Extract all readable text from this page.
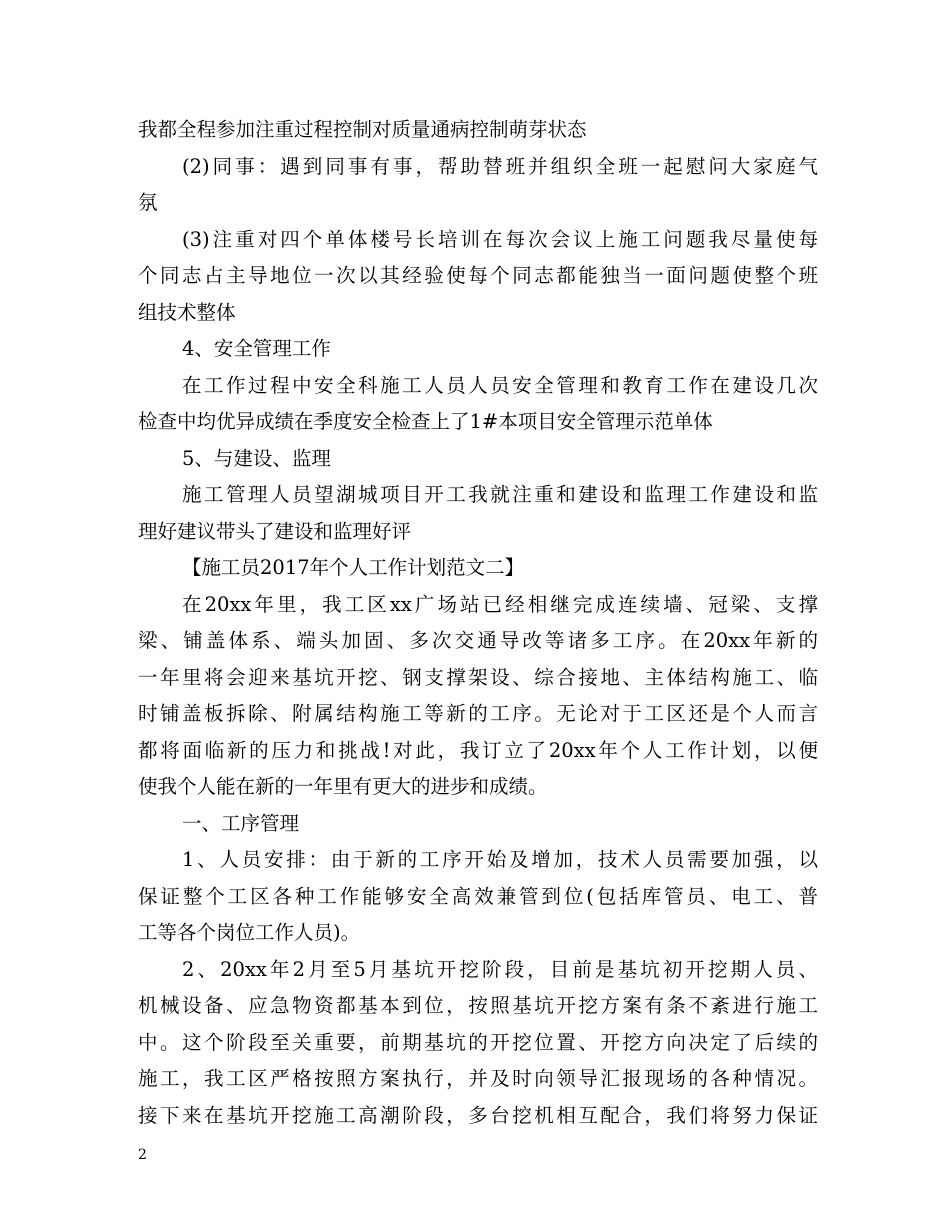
我都全程参加注重过程控制对质量通病控制萌芽状态
(2)同事：遇到同事有事，帮助替班并组织全班一起慰问大家庭气
氛
(3)注重对四个单体楼号长培训在每次会议上施工问题我尽量使每
个同志占主导地位一次以其经验使每个同志都能独当一面问题使整个班
组技术整体
4、安全管理工作
在工作过程中安全科施工人员人员安全管理和教育工作在建设几次
检查中均优异成绩在季度安全检查上了1#本项目安全管理示范单体
5、与建设、监理
施工管理人员望湖城项目开工我就注重和建设和监理工作建设和监
理好建议带头了建设和监理好评
【施工员2017年个人工作计划范文二】
在20xx年里，我工区xx广场站已经相继完成连续墙、冠梁、支撑
梁、铺盖体系、端头加固、多次交通导改等诸多工序。在20xx年新的
一年里将会迎来基坑开挖、钢支撑架设、综合接地、主体结构施工、临
时铺盖板拆除、附属结构施工等新的工序。无论对于工区还是个人而言
都将面临新的压力和挑战!对此，我订立了20xx年个人工作计划，以便
使我个人能在新的一年里有更大的进步和成绩。
一、工序管理
1、人员安排：由于新的工序开始及增加，技术人员需要加强，以
保证整个工区各种工作能够安全高效兼管到位(包括库管员、电工、普
工等各个岗位工作人员)。
2、20xx年2月至5月基坑开挖阶段，目前是基坑初开挖期人员、
机械设备、应急物资都基本到位，按照基坑开挖方案有条不紊进行施工
中。这个阶段至关重要，前期基坑的开挖位置、开挖方向决定了后续的
施工，我工区严格按照方案执行，并及时向领导汇报现场的各种情况。
接下来在基坑开挖施工高潮阶段，多台挖机相互配合，我们将努力保证
2
